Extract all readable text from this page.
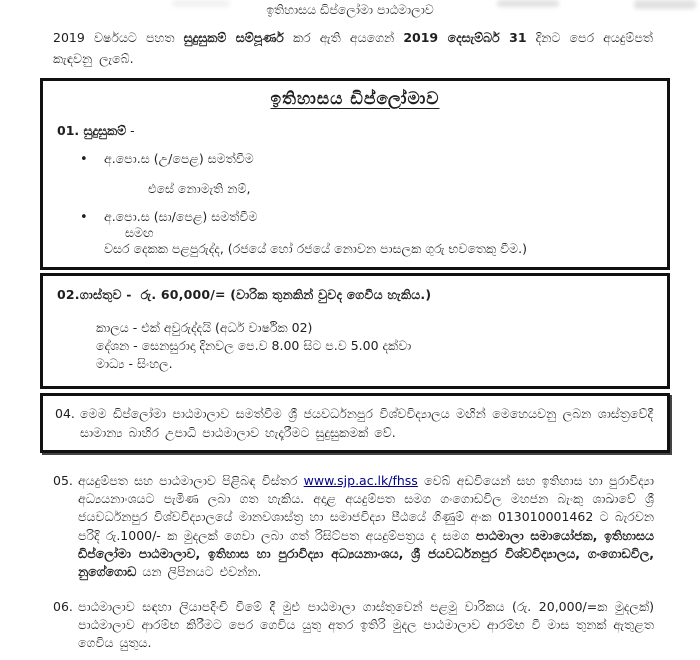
ඉතිහාසය ඩිප්ලෝමා පාඨමාලාව
2019 වර්ෂයට පහත සුදුසුකම් සම්පූර්ණ කර ඇති අයගෙන් 2019 දෙසැම්බර් 31 දිනට පෙර අයදුම්පත් කැඳවනු ලැබේ.
ඉතිහාසය ඩිප්ලෝමාව
01. සුදුසුකම් -
• අ.පො.ස (උ/පෙළ) සමත්වීම
එසේ නොමැති නම්,
• අ.පො.ස (සා/පෙළ) සමත්වීම
සමඟ
වසර දෙකක පළපුරුද්ද, (රජයේ හෝ රජයේ නොවන පාසලක ගුරු භවතෙකු වීම.)
02.ගාස්තුව - රු. 60,000/= (වාරික තුනකින් වුවද ගෙවීය හැකිය.)
කාලය - එක් අවුරුද්දයි (අර්ධ වාර්ෂික 02)
දේශන - සෙනසුරාදා දිනවල පෙ.ව 8.00 සිට ප.ව 5.00 දක්වා
මාධ්‍ය - සිංහල.
04. මෙම ඩිප්ලෝමා පාඨමාලාව සමත්වීම ශ්‍රී ජයවර්ධනපුර විශ්වවිද්‍යාලය මඟින් මෙහෙයවනු ලබන ශාස්ත්‍රවේදී සාමාන්‍ය බාහිර උපාධි පාඨමාලාව හැදෑරීමට සුදුසුකමක් වේ.
05. අයදුම්පත සහ පාඨමාලාව පිළිබඳ විස්තර www.sjp.ac.lk/fhss වෙබ් අඩවියෙන් සහ ඉතිහාස හා පුරාවිද්‍යා අධ්‍යයනාංශයට පැමිණ ලබා ගත හැකිය. අදාළ අයදුම්පත සමග ගංගොඩවිල මහජන බැංකු ශාඛාවේ ශ්‍රී ජයවර්ධනපුර විශ්වවිද්‍යාලයේ මානවශාස්ත්‍ර හා සමාජවිද්‍යා පීඨයේ ගිණුම් අංක 013010001462 ට බැරවන පරිදි රු.1000/- ක මුදලක් ගෙවා ලබා ගත් රිසිට්පත අයදුම්පත්‍රය ද සමග පාඨමාලා සමායෝජක, ඉතිහාසය ඩිප්ලෝමා පාඨමාලාව, ඉතිහාස හා පුරාවිද්‍යා අධ්‍යයනාංශය, ශ්‍රී ජයවර්ධනපුර විශ්වවිද්‍යාලය, ගංගොඩවිල, නුගේගොඩ යන ලිපිනයට එවන්න.
06. පාඨමාලාව සඳහා ලියාපදිංචි වීමේ දී මුළු පාඨමාලා ගාස්තුවෙන් පළමු වාරිකය (රු. 20,000/=ක මුදලක්) පාඨමාලාව ආරම්භ කිරීමට පෙර ගෙවිය යුතු අතර ඉතිරි මුදල පාඨමාලාව ආරම්භ වී මාස තුනක් ඇතුළත ගෙවිය යුතුය.
